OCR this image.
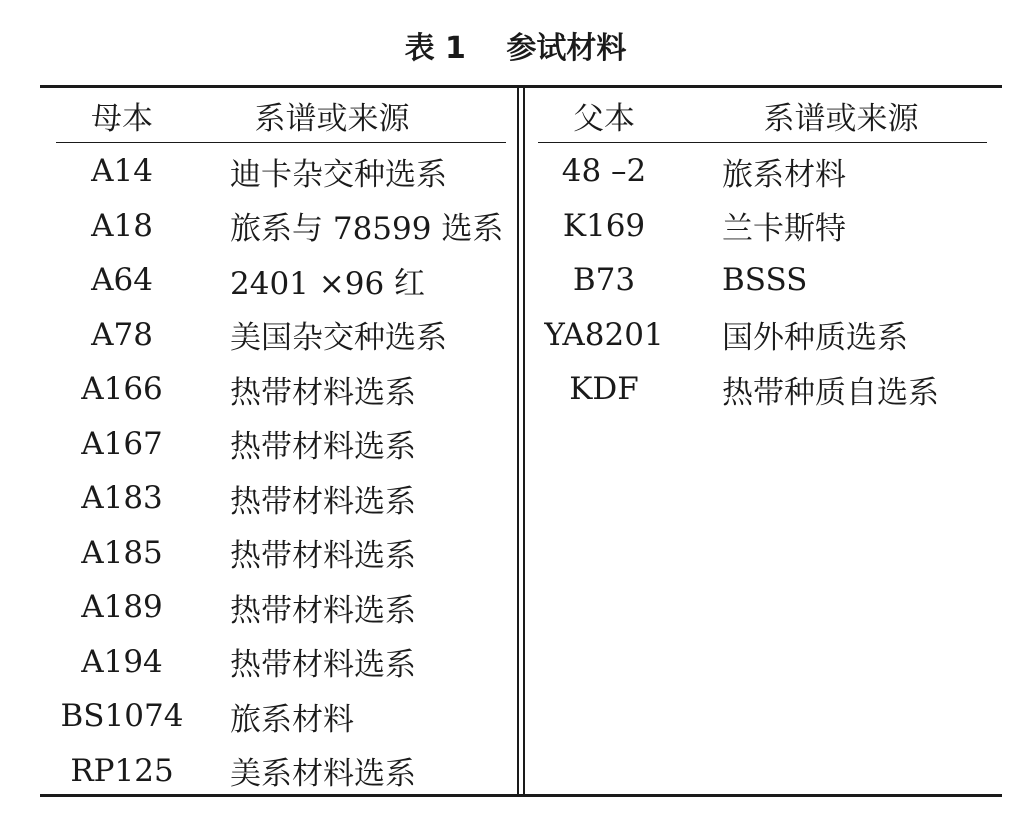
表 1　 参试材料
母本	系谱或来源
A14	迪卡杂交种选系
A18	旅系与 78599 选系
A64	2401 ×96 红
A78	美国杂交种选系
A166	热带材料选系
A167	热带材料选系
A183	热带材料选系
A185	热带材料选系
A189	热带材料选系
A194	热带材料选系
BS1074 旅系材料
RP125	美系材料选系
父本	系谱或来源
48 –2	旅系材料
K169	兰卡斯特
B73	BSSS
YA8201 国外种质选系
KDF	热带种质自选系
